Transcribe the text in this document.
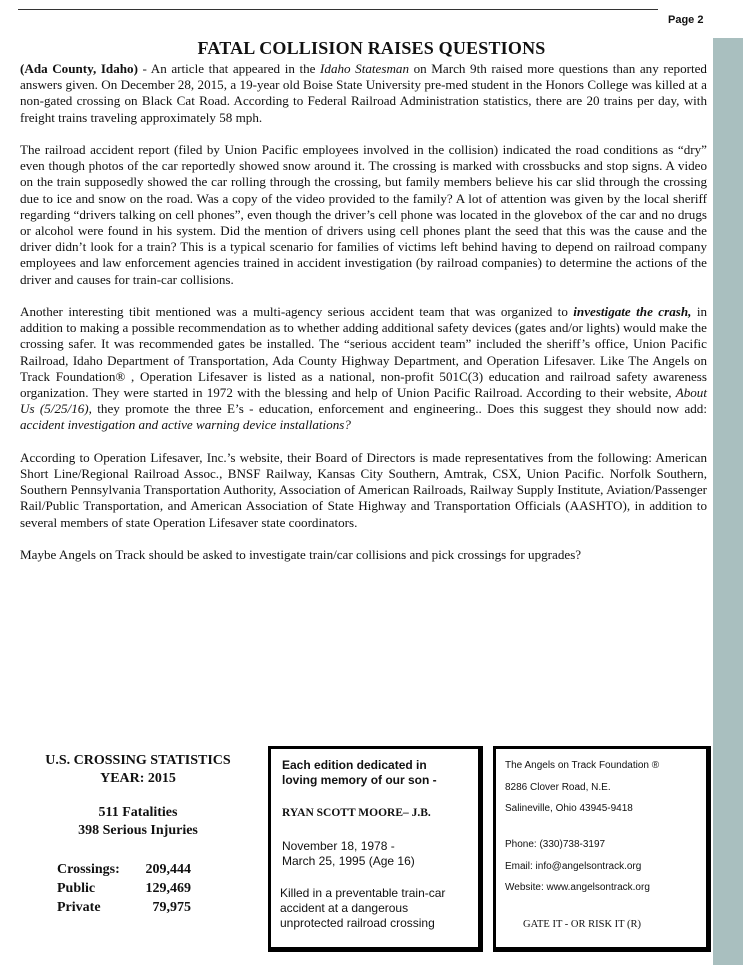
Page 2
FATAL COLLISION RAISES QUESTIONS

(Ada County, Idaho) - An article that appeared in the Idaho Statesman on March 9th raised more questions than any reported answers given. On December 28, 2015, a 19-year old Boise State University pre-med student in the Honors College was killed at a non-gated crossing on Black Cat Road. According to Federal Railroad Administration statistics, there are 20 trains per day, with freight trains traveling approximately 58 mph.

The railroad accident report (filed by Union Pacific employees involved in the collision) indicated the road conditions as “dry” even though photos of the car reportedly showed snow around it. The crossing is marked with crossbucks and stop signs. A video on the train supposedly showed the car rolling through the crossing, but family members believe his car slid through the crossing due to ice and snow on the road. Was a copy of the video provided to the family? A lot of attention was given by the local sheriff regarding “drivers talking on cell phones”, even though the driver’s cell phone was located in the glovebox of the car and no drugs or alcohol were found in his system. Did the mention of drivers using cell phones plant the seed that this was the cause and the driver didn’t look for a train? This is a typical scenario for families of victims left behind having to depend on railroad company employees and law enforcement agencies trained in accident investigation (by railroad companies) to determine the actions of the driver and causes for train-car collisions.

Another interesting tibit mentioned was a multi-agency serious accident team that was organized to investigate the crash, in addition to making a possible recommendation as to whether adding additional safety devices (gates and/or lights) would make the crossing safer. It was recommended gates be installed. The “serious accident team” included the sheriff’s office, Union Pacific Railroad, Idaho Department of Transportation, Ada County Highway Department, and Operation Lifesaver. Like The Angels on Track Foundation® , Operation Lifesaver is listed as a national, non-profit 501C(3) education and railroad safety awareness organization. They were started in 1972 with the blessing and help of Union Pacific Railroad. According to their website, About Us (5/25/16), they promote the three E’s - education, enforcement and engineering.. Does this suggest they should now add: accident investigation and active warning device installations?

According to Operation Lifesaver, Inc.’s website, their Board of Directors is made representatives from the following: American Short Line/Regional Railroad Assoc., BNSF Railway, Kansas City Southern, Amtrak, CSX, Union Pacific. Norfolk Southern, Southern Pennsylvania Transportation Authority, Association of American Railroads, Railway Supply Institute, Aviation/Passenger Rail/Public Transportation, and American Association of State Highway and Transportation Officials (AASHTO), in addition to several members of state Operation Lifesaver state coordinators.

Maybe Angels on Track should be asked to investigate train/car collisions and pick crossings for upgrades?

U.S. CROSSING STATISTICS
YEAR: 2015
511 Fatalities
398 Serious Injuries
Crossings:	209,444
Public	129,469
Private	79,975
Each edition dedicated in
loving memory of our son -
RYAN SCOTT MOORE– J.B.
November 18, 1978 -
March 25, 1995 (Age 16)
Killed in a preventable train-car
accident at a dangerous
unprotected railroad crossing
The Angels on Track Foundation ®
8286 Clover Road, N.E.
Salineville, Ohio 43945-9418
Phone: (330)738-3197
Email: info@angelsontrack.org
Website: www.angelsontrack.org
GATE IT - OR RISK IT (R)
